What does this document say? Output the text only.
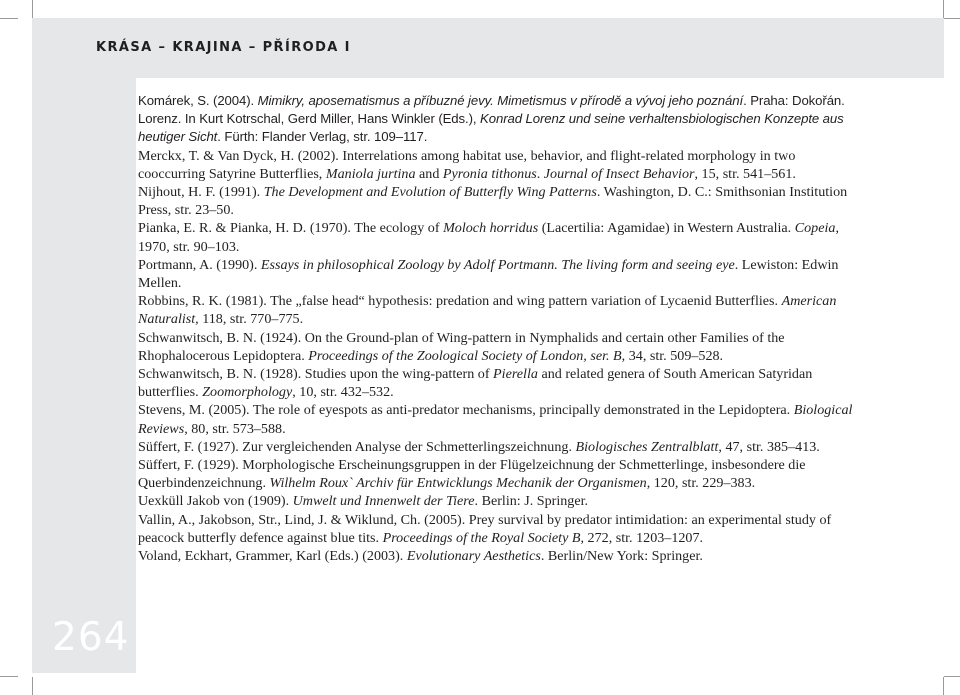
KRÁSA – KRAJINA – PŘÍRODA I

264

Komárek, S. (2004). Mimikry, aposematismus a příbuzné jevy. Mimetismus v přírodě a vývoj jeho poznání. Praha: Dokořán.
Lorenz. In Kurt Kotrschal, Gerd Miller, Hans Winkler (Eds.), Konrad Lorenz und seine verhaltensbiologischen Konzepte aus heutiger Sicht. Fürth: Flander Verlag, str. 109–117.
Merckx, T. & Van Dyck, H. (2002). Interrelations among habitat use, behavior, and flight-related morphology in two cooccurring Satyrine Butterflies, Maniola jurtina and Pyronia tithonus. Journal of Insect Behavior, 15, str. 541–561.
Nijhout, H. F. (1991). The Development and Evolution of Butterfly Wing Patterns. Washington, D. C.: Smithsonian Institution Press, str. 23–50.
Pianka, E. R. & Pianka, H. D. (1970). The ecology of Moloch horridus (Lacertilia: Agamidae) in Western Australia. Copeia, 1970, str. 90–103.
Portmann, A. (1990). Essays in philosophical Zoology by Adolf Portmann. The living form and seeing eye. Lewiston: Edwin Mellen.
Robbins, R. K. (1981). The „false head“ hypothesis: predation and wing pattern variation of Lycaenid Butterflies. American Naturalist, 118, str. 770–775.
Schwanwitsch, B. N. (1924). On the Ground-plan of Wing-pattern in Nymphalids and certain other Families of the Rhophalocerous Lepidoptera. Proceedings of the Zoological Society of London, ser. B, 34, str. 509–528.
Schwanwitsch, B. N. (1928). Studies upon the wing-pattern of Pierella and related genera of South American Satyridan butterflies. Zoomorphology, 10, str. 432–532.
Stevens, M. (2005). The role of eyespots as anti-predator mechanisms, principally demonstrated in the Lepidoptera. Biological Reviews, 80, str. 573–588.
Süffert, F. (1927). Zur vergleichenden Analyse der Schmetterlingszeichnung. Biologisches Zentralblatt, 47, str. 385–413.
Süffert, F. (1929). Morphologische Erscheinungsgruppen in der Flügelzeichnung der Schmetterlinge, insbesondere die Querbindenzeichnung. Wilhelm Roux` Archiv für Entwicklungs Mechanik der Organismen, 120, str. 229–383.
Uexküll Jakob von (1909). Umwelt und Innenwelt der Tiere. Berlin: J. Springer.
Vallin, A., Jakobson, Str., Lind, J. & Wiklund, Ch. (2005). Prey survival by predator intimidation: an experimental study of peacock butterfly defence against blue tits. Proceedings of the Royal Society B, 272, str. 1203–1207.
Voland, Eckhart, Grammer, Karl (Eds.) (2003). Evolutionary Aesthetics. Berlin/New York: Springer.
